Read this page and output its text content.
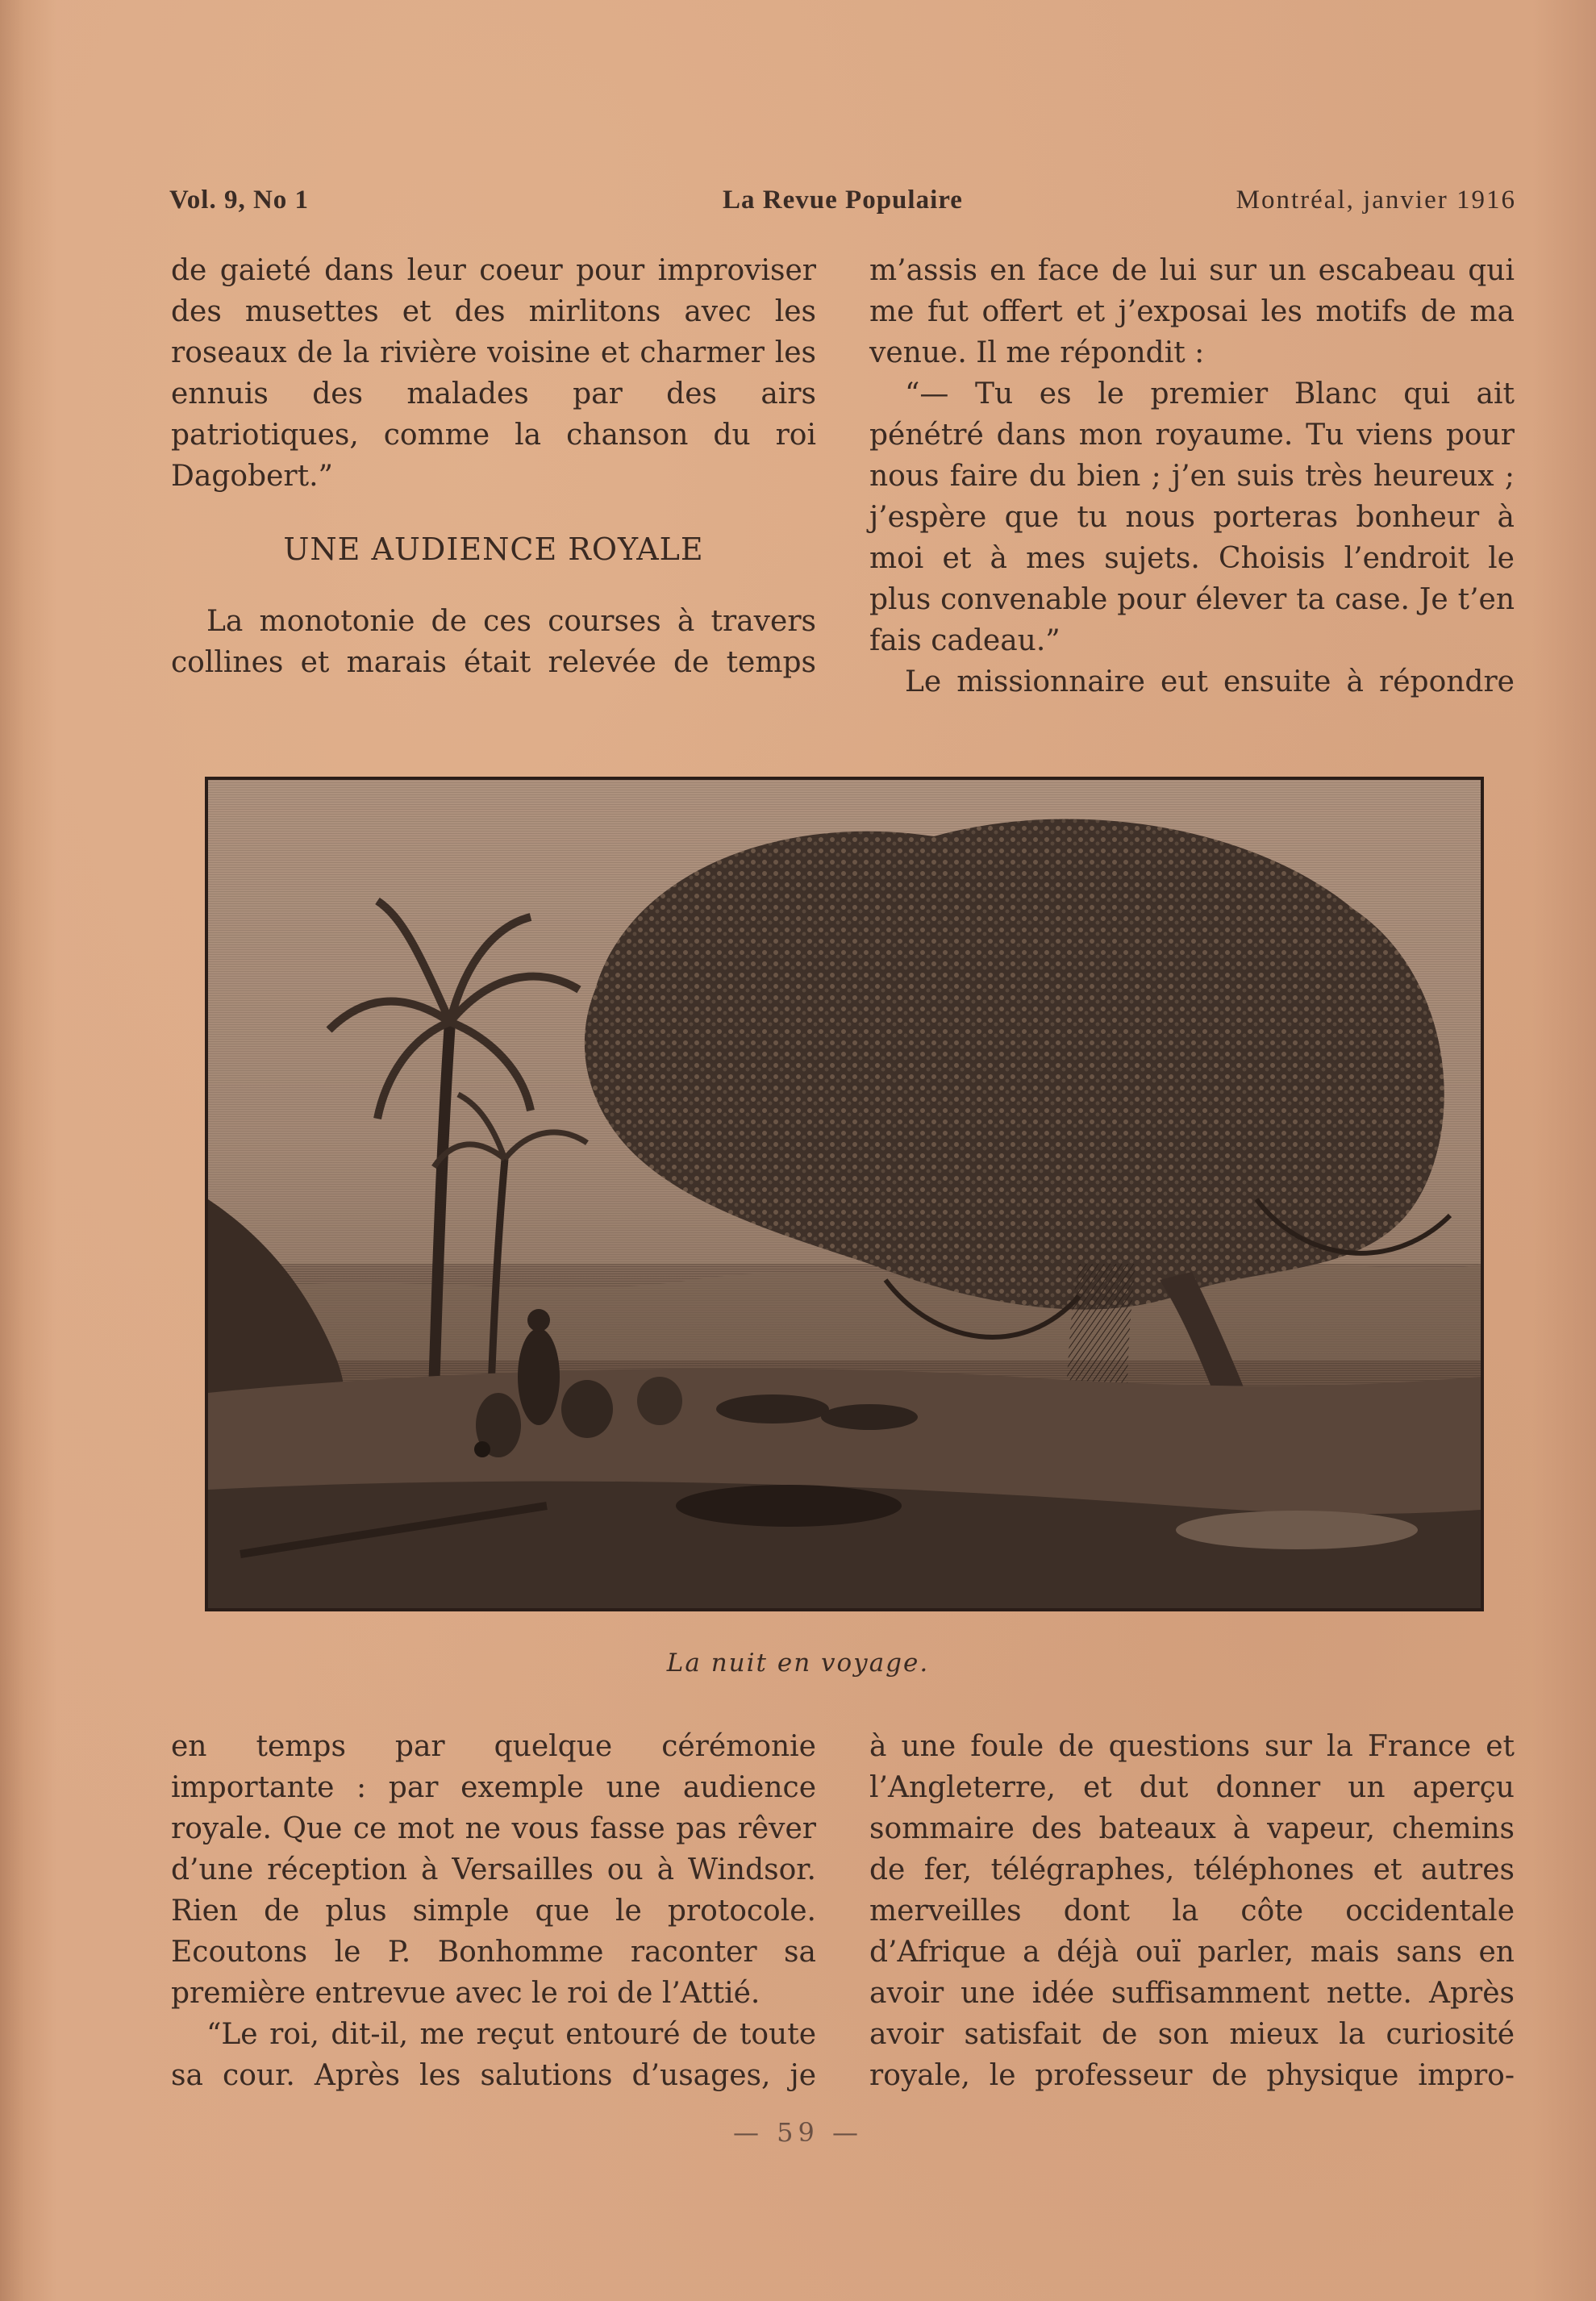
Vol. 9, No 1	La Revue Populaire	Montréal, janvier 1916

de gaieté dans leur coeur pour improviser des musettes et des mirlitons avec les roseaux de la rivière voisine et charmer les ennuis des malades par des airs patriotiques, comme la chanson du roi Dagobert.”

UNE AUDIENCE ROYALE

La monotonie de ces courses à travers collines et marais était relevée de temps

m’assis en face de lui sur un escabeau qui me fut offert et j’exposai les motifs de ma venue. Il me répondit :

“— Tu es le premier Blanc qui ait pénétré dans mon royaume. Tu viens pour nous faire du bien ; j’en suis très heureux ; j’espère que tu nous porteras bonheur à moi et à mes sujets. Choisis l’endroit le plus convenable pour élever ta case. Je t’en fais cadeau.”

Le missionnaire eut ensuite à répondre

La nuit en voyage.

en temps par quelque cérémonie importante : par exemple une audience royale. Que ce mot ne vous fasse pas rêver d’une réception à Versailles ou à Windsor. Rien de plus simple que le protocole. Ecoutons le P. Bonhomme raconter sa première entrevue avec le roi de l’Attié.

“Le roi, dit-il, me reçut entouré de toute sa cour. Après les salutions d’usages, je

à une foule de questions sur la France et l’Angleterre, et dut donner un aperçu sommaire des bateaux à vapeur, chemins de fer, télégraphes, téléphones et autres merveilles dont la côte occidentale d’Afrique a déjà ouï parler, mais sans en avoir une idée suffisamment nette. Après avoir satisfait de son mieux la curiosité royale, le professeur de physique impro-

— 59 —
